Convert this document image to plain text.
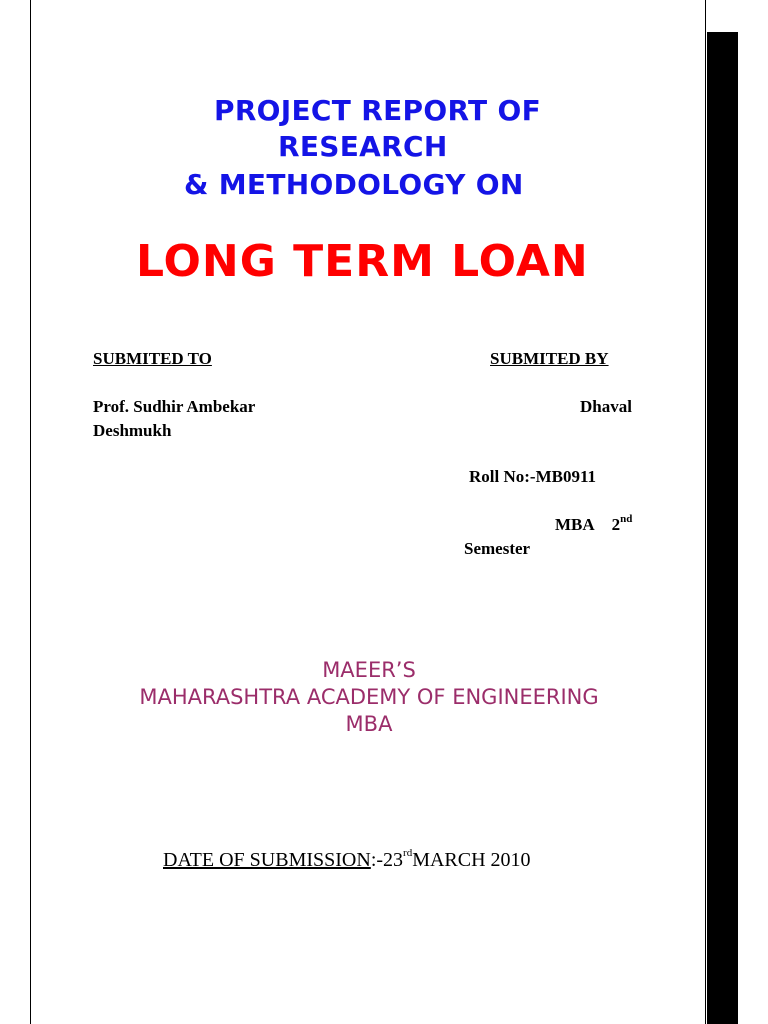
PROJECT REPORT OF
RESEARCH
& METHODOLOGY ON
LONG TERM LOAN
SUBMITED TO	SUBMITED BY
Prof. Sudhir Ambekar
Deshmukh
Dhaval
Roll No:-MB0911
MBA 2nd
Semester
MAEER’S
MAHARASHTRA ACADEMY OF ENGINEERING
MBA
DATE OF SUBMISSION:-23rdMARCH 2010
